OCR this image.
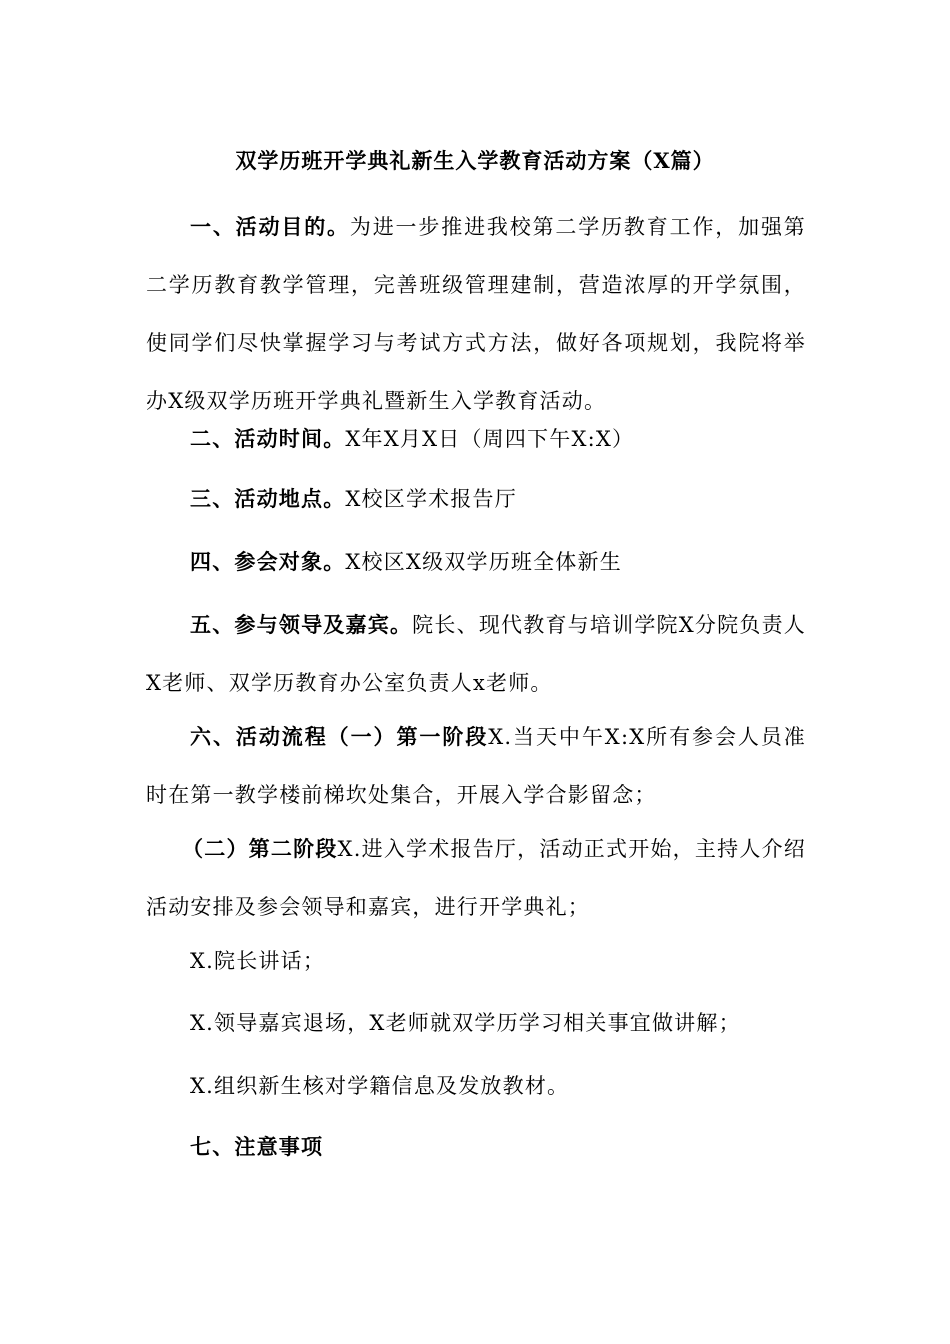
双学历班开学典礼新生入学教育活动方案（X篇）

一、活动目的。为进一步推进我校第二学历教育工作，加强第二学历教育教学管理，完善班级管理建制，营造浓厚的开学氛围，使同学们尽快掌握学习与考试方式方法，做好各项规划，我院将举办X级双学历班开学典礼暨新生入学教育活动。

二、活动时间。X年X月X日（周四下午X:X）

三、活动地点。X校区学术报告厅

四、参会对象。X校区X级双学历班全体新生

五、参与领导及嘉宾。院长、现代教育与培训学院X分院负责人X老师、双学历教育办公室负责人x老师。

六、活动流程（一）第一阶段X.当天中午X:X所有参会人员准时在第一教学楼前梯坎处集合，开展入学合影留念；

（二）第二阶段X.进入学术报告厅，活动正式开始，主持人介绍活动安排及参会领导和嘉宾，进行开学典礼；

X.院长讲话；

X.领导嘉宾退场，X老师就双学历学习相关事宜做讲解；

X.组织新生核对学籍信息及发放教材。

七、注意事项
